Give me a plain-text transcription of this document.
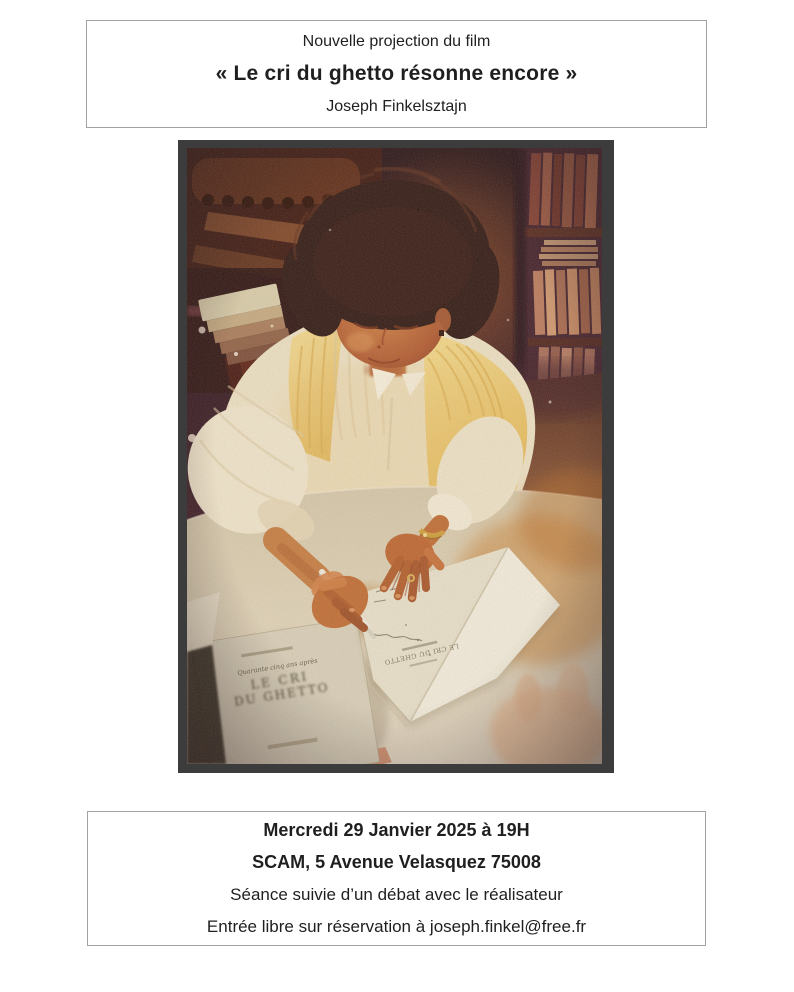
Nouvelle projection du film
« Le cri du ghetto résonne encore »
Joseph Finkelsztajn
Mercredi 29 Janvier 2025 à 19H
SCAM, 5 Avenue Velasquez 75008
Séance suivie d’un débat avec le réalisateur
Entrée libre sur réservation à joseph.finkel@free.fr
